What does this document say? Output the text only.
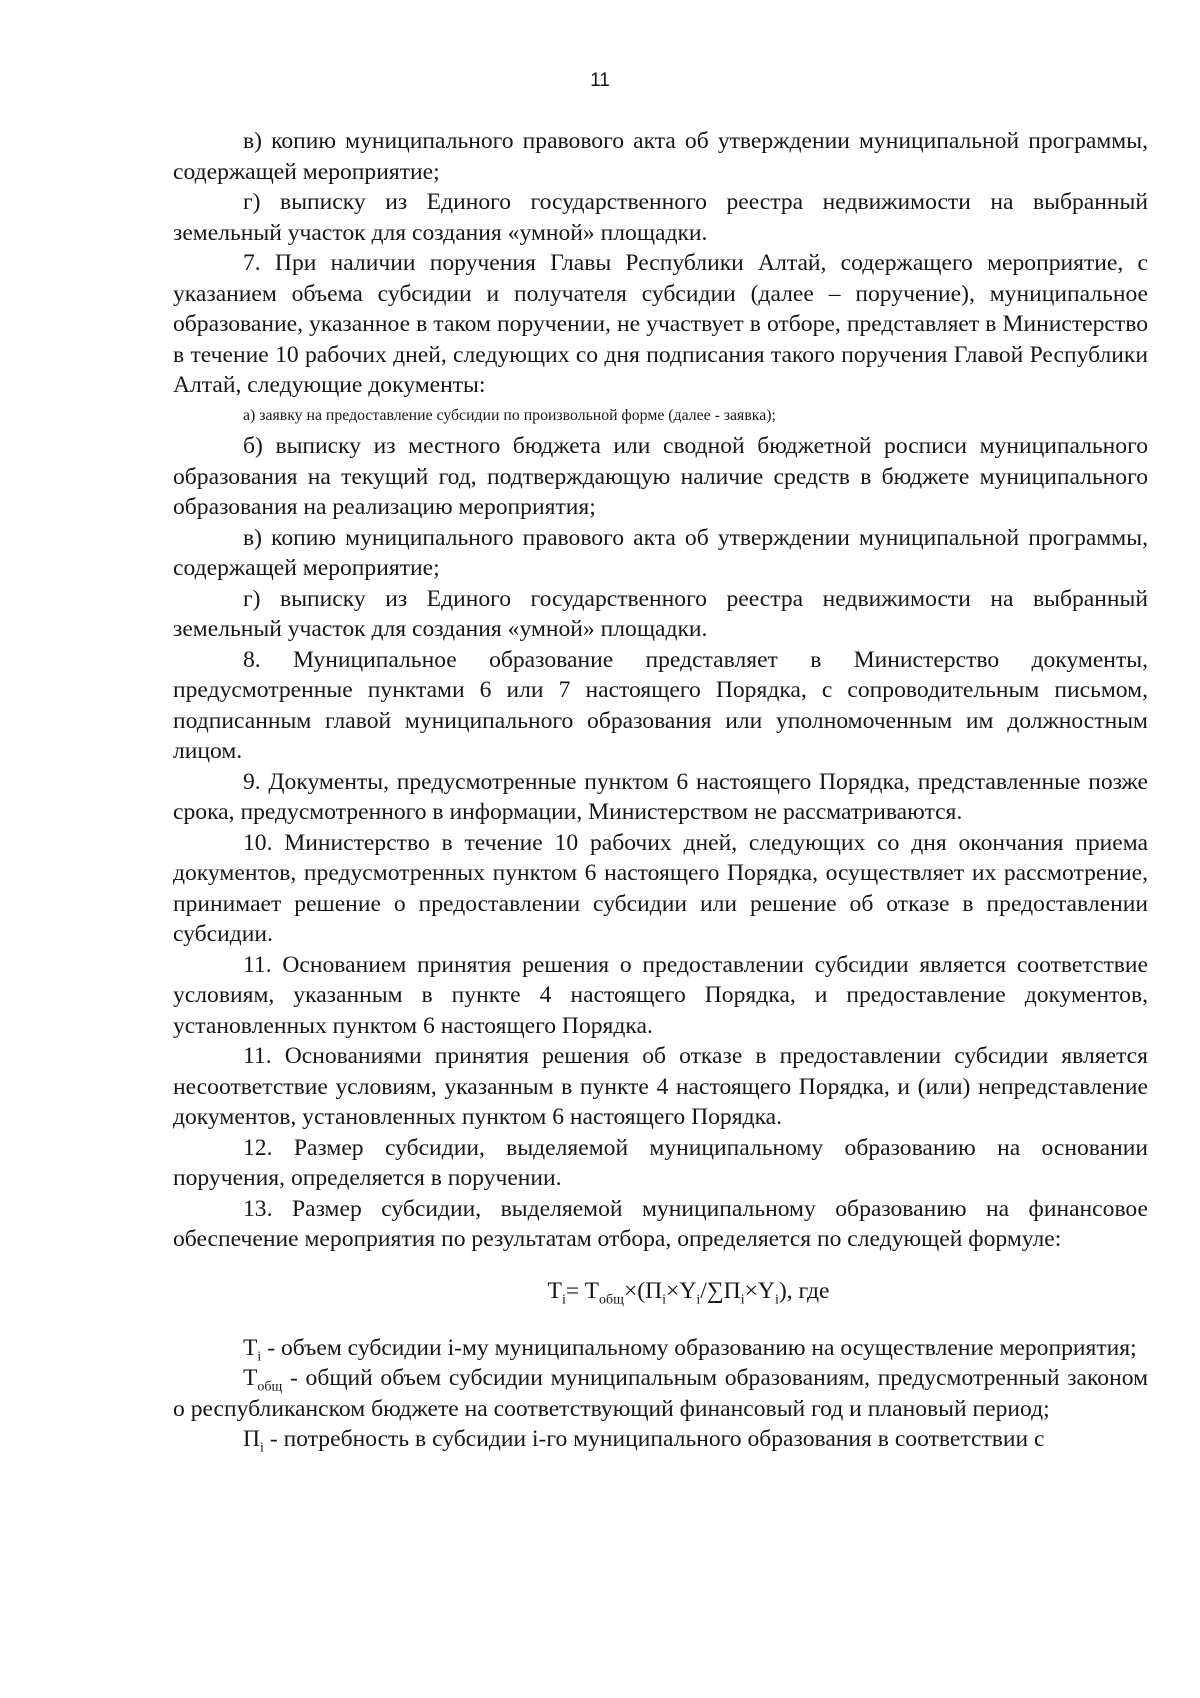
11

в) копию муниципального правового акта об утверждении муниципальной программы, содержащей мероприятие;

г) выписку из Единого государственного реестра недвижимости на выбранный земельный участок для создания «умной» площадки.

7. При наличии поручения Главы Республики Алтай, содержащего мероприятие, с указанием объема субсидии и получателя субсидии (далее – поручение), муниципальное образование, указанное в таком поручении, не участвует в отборе, представляет в Министерство в течение 10 рабочих дней, следующих со дня подписания такого поручения Главой Республики Алтай, следующие документы:

а) заявку на предоставление субсидии по произвольной форме (далее - заявка);

б) выписку из местного бюджета или сводной бюджетной росписи муниципального образования на текущий год, подтверждающую наличие средств в бюджете муниципального образования на реализацию мероприятия;

в) копию муниципального правового акта об утверждении муниципальной программы, содержащей мероприятие;

г) выписку из Единого государственного реестра недвижимости на выбранный земельный участок для создания «умной» площадки.

8. Муниципальное образование представляет в Министерство документы, предусмотренные пунктами 6 или 7 настоящего Порядка, с сопроводительным письмом, подписанным главой муниципального образования или уполномоченным им должностным лицом.

9. Документы, предусмотренные пунктом 6 настоящего Порядка, представленные позже срока, предусмотренного в информации, Министерством не рассматриваются.

10. Министерство в течение 10 рабочих дней, следующих со дня окончания приема документов, предусмотренных пунктом 6 настоящего Порядка, осуществляет их рассмотрение, принимает решение о предоставлении субсидии или решение об отказе в предоставлении субсидии.

11. Основанием принятия решения о предоставлении субсидии является соответствие условиям, указанным в пункте 4 настоящего Порядка, и предоставление документов, установленных пунктом 6 настоящего Порядка.

11. Основаниями принятия решения об отказе в предоставлении субсидии является несоответствие условиям, указанным в пункте 4 настоящего Порядка, и (или) непредставление документов, установленных пунктом 6 настоящего Порядка.

12. Размер субсидии, выделяемой муниципальному образованию на основании поручения, определяется в поручении.

13. Размер субсидии, выделяемой муниципальному образованию на финансовое обеспечение мероприятия по результатам отбора, определяется по следующей формуле:

$T_i= T_{общ}\times(П_i\times Y_i/\sum П_i\times Y_i)$, где

$T_i$ - объем субсидии i-му муниципальному образованию на осуществление мероприятия;

$T_{общ}$ - общий объем субсидии муниципальным образованиям, предусмотренный законом о республиканском бюджете на соответствующий финансовый год и плановый период;

$П_i$ - потребность в субсидии i-го муниципального образования в соответствии с
